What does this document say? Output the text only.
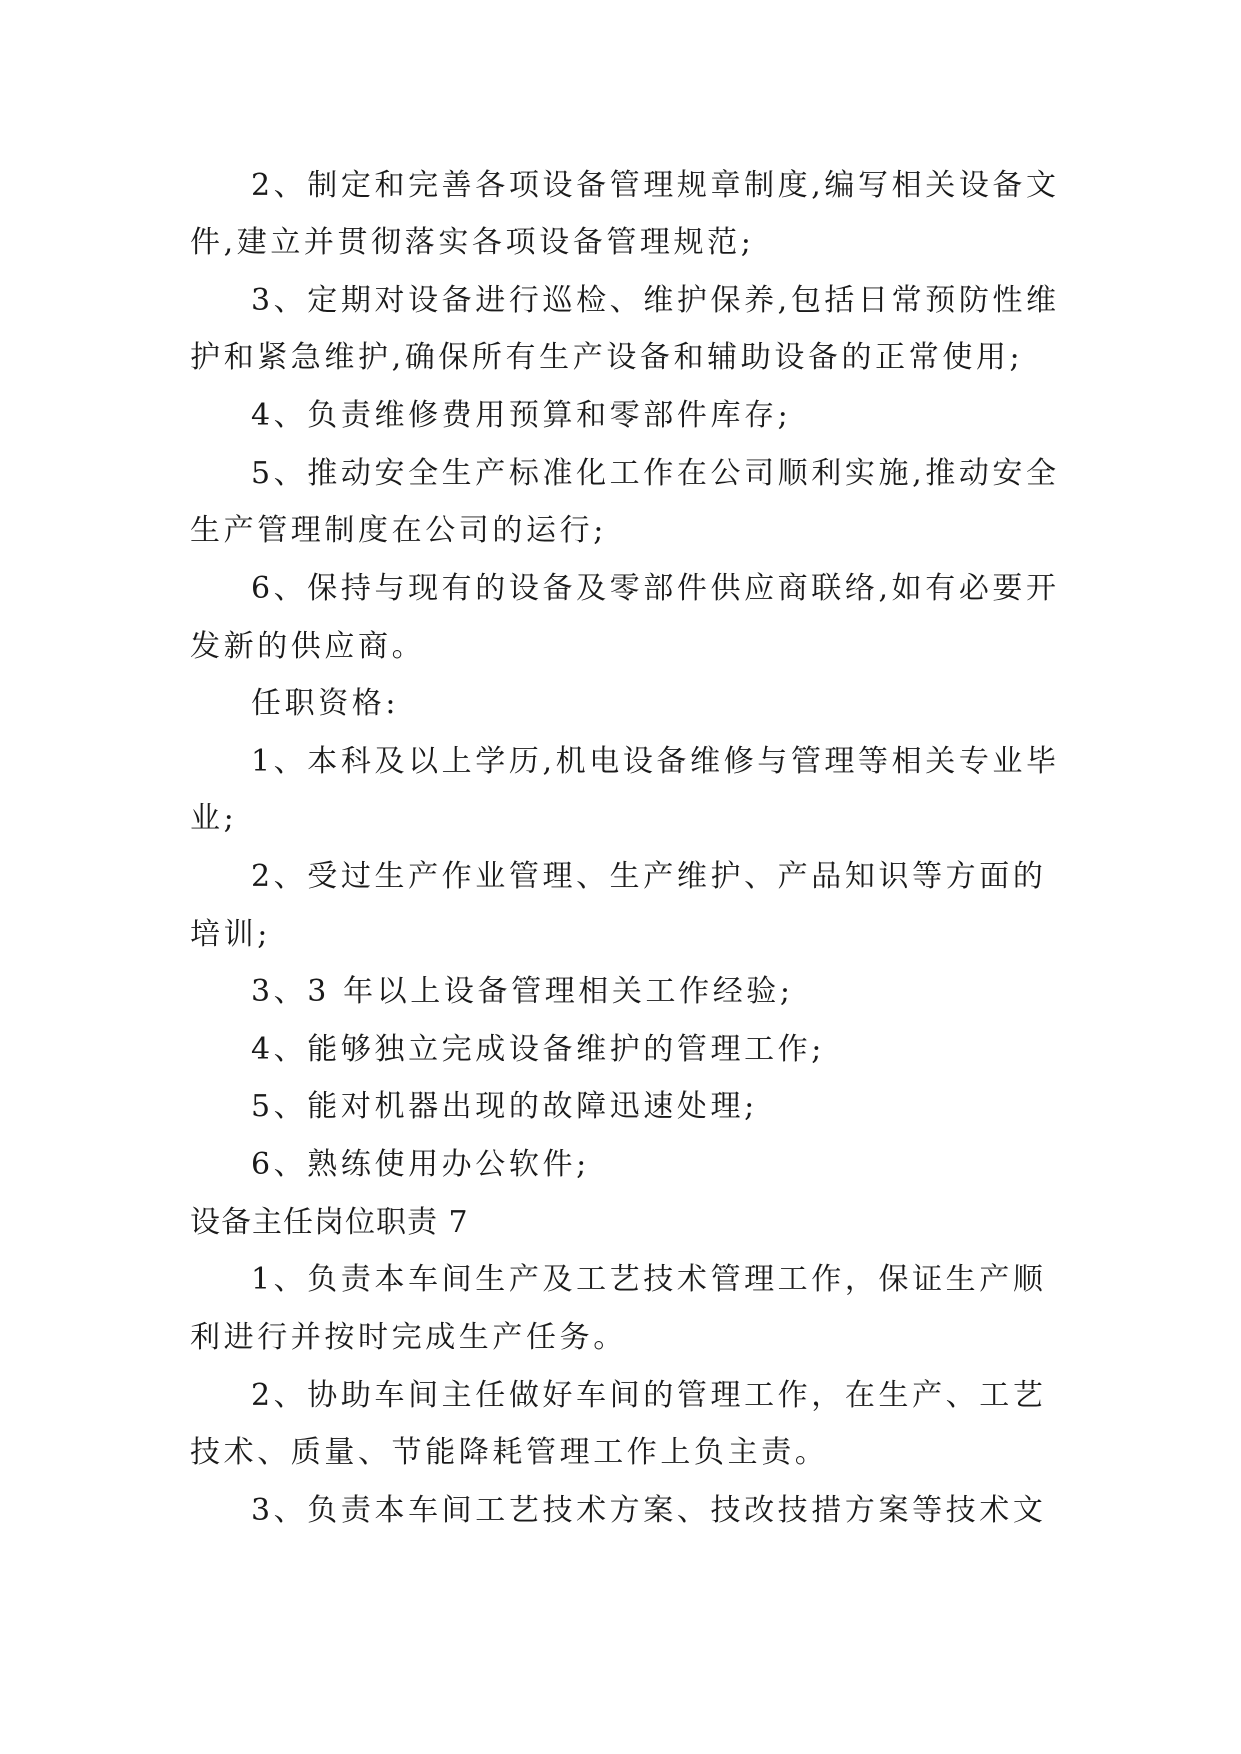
2、制定和完善各项设备管理规章制度,编写相关设备文
件,建立并贯彻落实各项设备管理规范;
3、定期对设备进行巡检、维护保养,包括日常预防性维
护和紧急维护,确保所有生产设备和辅助设备的正常使用;
4、负责维修费用预算和零部件库存;
5、推动安全生产标准化工作在公司顺利实施,推动安全
生产管理制度在公司的运行;
6、保持与现有的设备及零部件供应商联络,如有必要开
发新的供应商。
任职资格:
1、本科及以上学历,机电设备维修与管理等相关专业毕
业;
2、受过生产作业管理、生产维护、产品知识等方面的
培训;
3、3 年以上设备管理相关工作经验;
4、能够独立完成设备维护的管理工作;
5、能对机器出现的故障迅速处理;
6、熟练使用办公软件;
设备主任岗位职责 7
1、负责本车间生产及工艺技术管理工作，保证生产顺
利进行并按时完成生产任务。
2、协助车间主任做好车间的管理工作，在生产、工艺
技术、质量、节能降耗管理工作上负主责。
3、负责本车间工艺技术方案、技改技措方案等技术文
